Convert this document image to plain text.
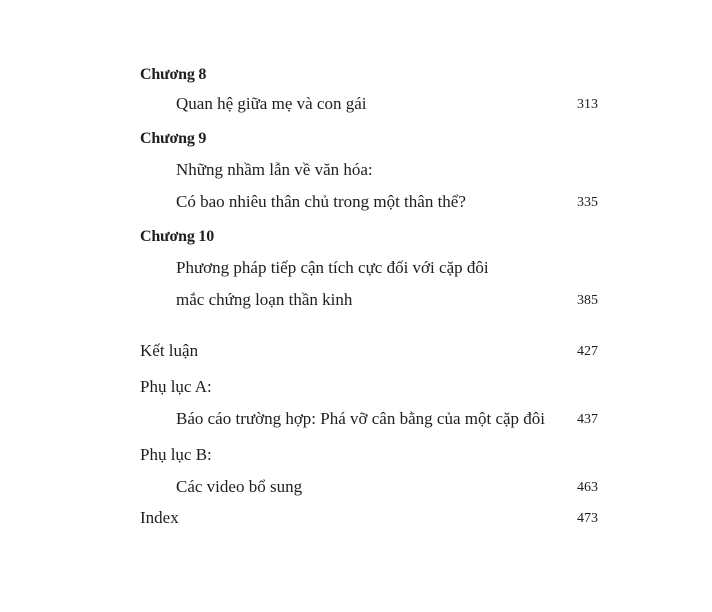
Chương 8
Quan hệ giữa mẹ và con gái	313
Chương 9
Những nhầm lẫn về văn hóa:
Có bao nhiêu thân chủ trong một thân thể?	335
Chương 10
Phương pháp tiếp cận tích cực đối với cặp đôi
mắc chứng loạn thần kinh	385
Kết luận	427
Phụ lục A:
Báo cáo trường hợp: Phá vỡ cân bằng của một cặp đôi 437
Phụ lục B:
Các video bổ sung	463
Index	473
